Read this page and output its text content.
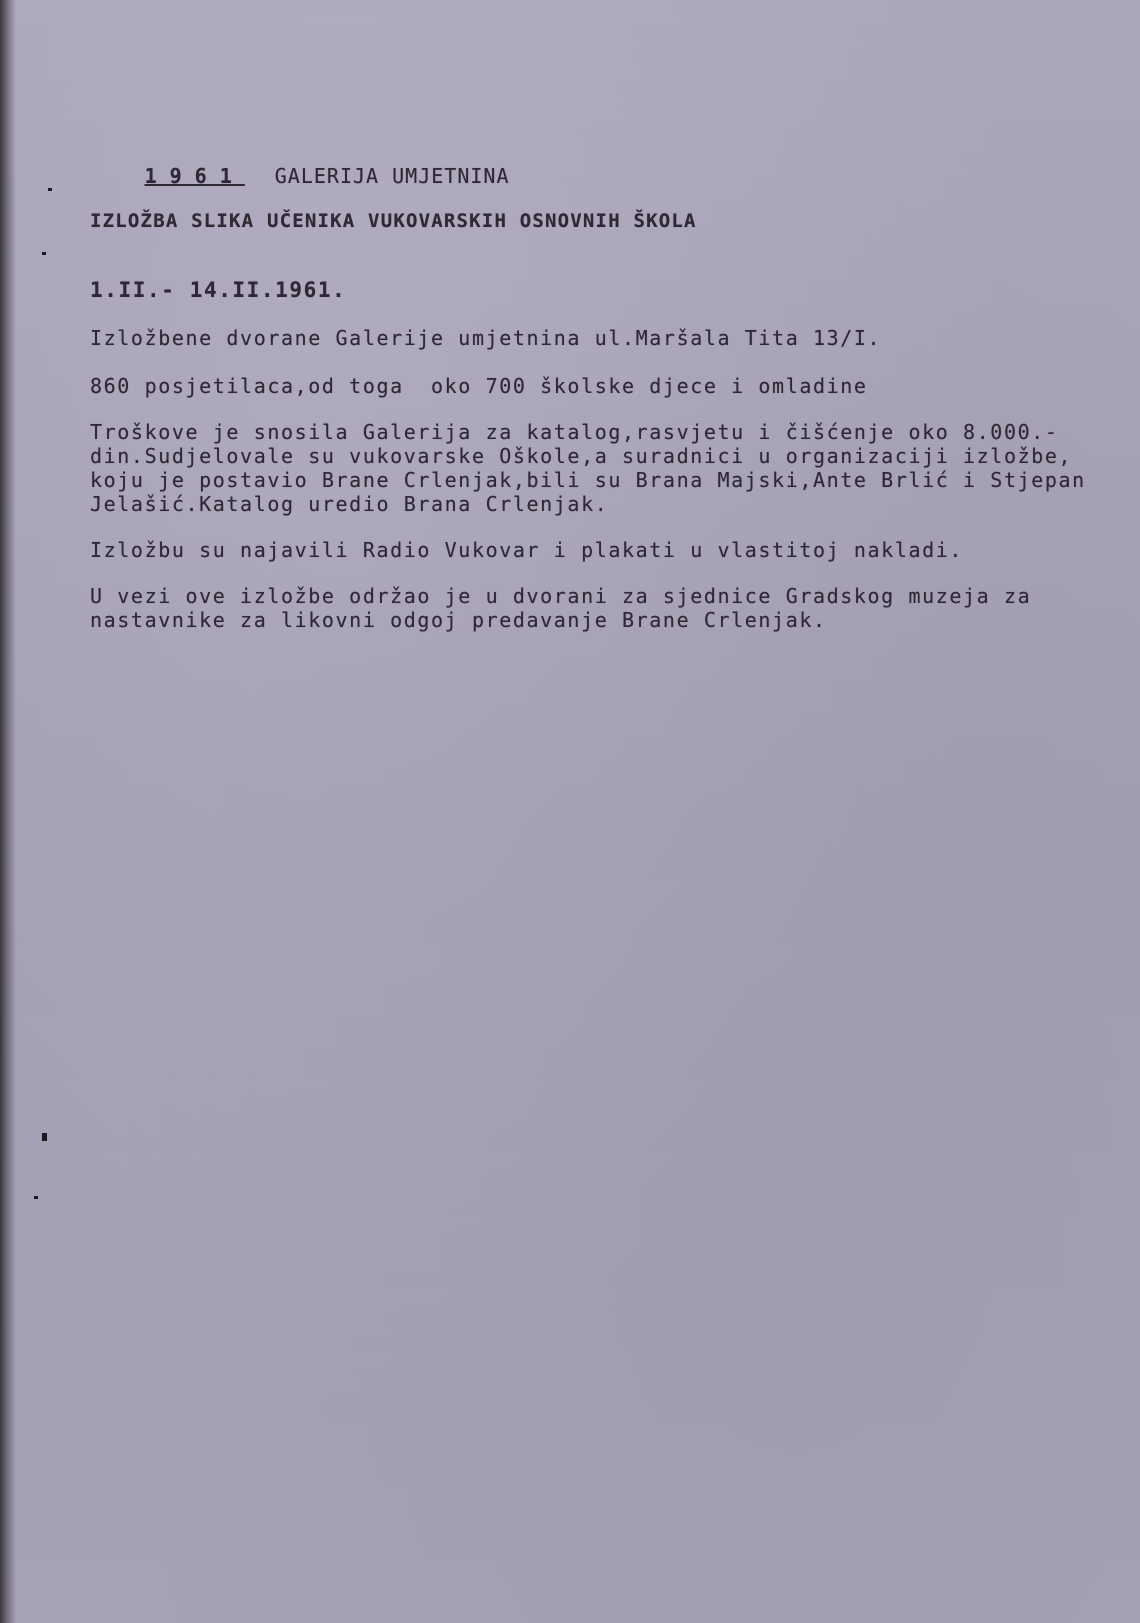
1961 GALERIJA UMJETNINA

IZLOŽBA SLIKA UČENIKA VUKOVARSKIH OSNOVNIH ŠKOLA
1.II.- 14.II.1961.
Izložbene dvorane Galerije umjetnina ul.Maršala Tita 13/I.
860 posjetilaca,od toga  oko 700 školske djece i omladine
Troškove je snosila Galerija za katalog,rasvjetu i čišćenje oko 8.000.-
din.Sudjelovale su vukovarske Oškole,a suradnici u organizaciji izložbe,
koju je postavio Brane Crlenjak,bili su Brana Majski,Ante Brlić i Stjepan
Jelašić.Katalog uredio Brana Crlenjak.
Izložbu su najavili Radio Vukovar i plakati u vlastitoj nakladi.
U vezi ove izložbe održao je u dvorani za sjednice Gradskog muzeja za
nastavnike za likovni odgoj predavanje Brane Crlenjak.
